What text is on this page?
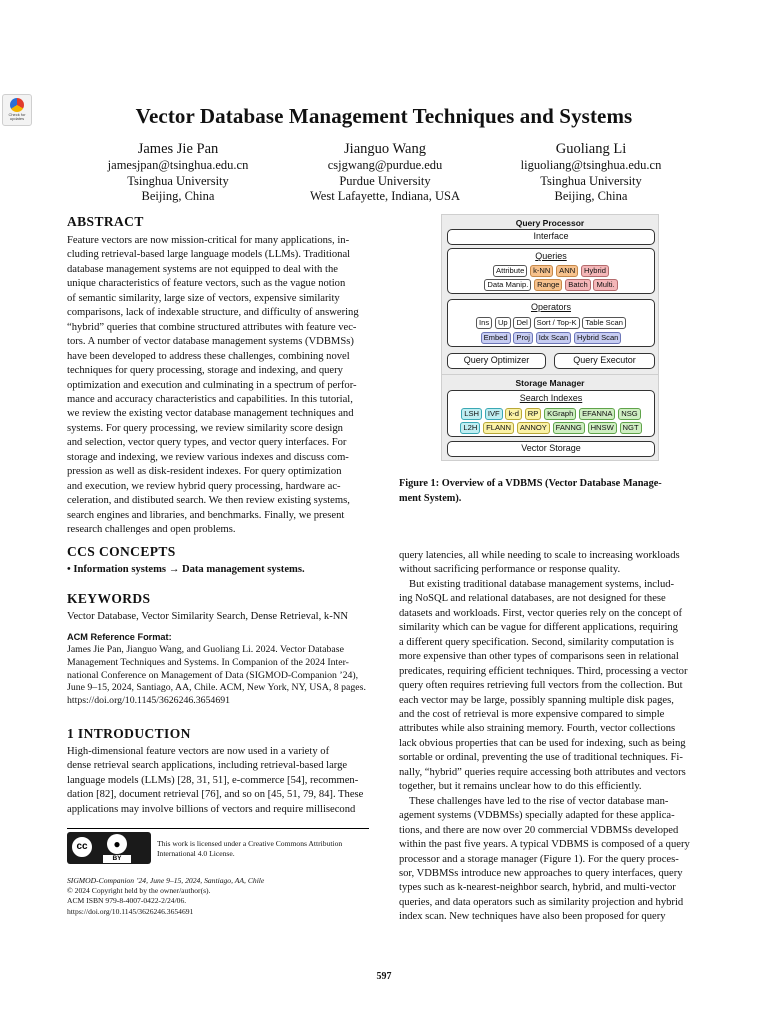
Check for updates	Vector Database Management Techniques and Systems
James Jie Pan
jamesjpan@tsinghua.edu.cn
Tsinghua University
Beijing, China
Jianguo Wang
csjgwang@purdue.edu
Purdue University
West Lafayette, Indiana, USA
Guoliang Li
liguoliang@tsinghua.edu.cn
Tsinghua University
Beijing, China
ABSTRACT
Feature vectors are now mission-critical for many applications, in-
cluding retrieval-based large language models (LLMs). Traditional
database management systems are not equipped to deal with the
unique characteristics of feature vectors, such as the vague notion
of semantic similarity, large size of vectors, expensive similarity
comparisons, lack of indexable structure, and difficulty of answering
“hybrid” queries that combine structured attributes with feature vec-
tors. A number of vector database management systems (VDBMSs)
have been developed to address these challenges, combining novel
techniques for query processing, storage and indexing, and query
optimization and execution and culminating in a spectrum of perfor-
mance and accuracy characteristics and capabilities. In this tutorial,
we review the existing vector database management techniques and
systems. For query processing, we review similarity score design
and selection, vector query types, and vector query interfaces. For
storage and indexing, we review various indexes and discuss com-
pression as well as disk-resident indexes. For query optimization
and execution, we review hybrid query processing, hardware ac-
celeration, and distibuted search. We then review existing systems,
search engines and libraries, and benchmarks. Finally, we present
research challenges and open problems.
CCS CONCEPTS
• Information systems → Data management systems.
KEYWORDS
Vector Database, Vector Similarity Search, Dense Retrieval, k-NN
ACM Reference Format:
James Jie Pan, Jianguo Wang, and Guoliang Li. 2024. Vector Database
Management Techniques and Systems. In Companion of the 2024 Inter-
national Conference on Management of Data (SIGMOD-Companion ’24),
June 9–15, 2024, Santiago, AA, Chile. ACM, New York, NY, USA, 8 pages.
https://doi.org/10.1145/3626246.3654691
1 INTRODUCTION
High-dimensional feature vectors are now used in a variety of
dense retrieval search applications, including retrieval-based large
language models (LLMs) [28, 31, 51], e-commerce [54], recommen-
dation [82], document retrieval [76], and so on [45, 51, 79, 84]. These
applications may involve billions of vectors and require millisecond
cc	●
BY
This work is licensed under a Creative Commons Attribution
International 4.0 License.
SIGMOD-Companion ’24, June 9–15, 2024, Santiago, AA, Chile
© 2024 Copyright held by the owner/author(s).
ACM ISBN 979-8-4007-0422-2/24/06.
https://doi.org/10.1145/3626246.3654691
Query Processor
Interface
Queries
Attribute k-NN ANN Hybrid
Data Manip. Range Batch Multi.
Operators
Ins Up Del Sort / Top-K Table Scan
Embed Proj Idx Scan Hybrid Scan
Query Optimizer	Query Executor
Storage Manager
Search Indexes
LSH IVF k-d RP KGraph EFANNA NSG
L2H FLANN ANNOY FANNG HNSW NGT
Vector Storage
Figure 1: Overview of a VDBMS (Vector Database Manage-
ment System).
query latencies, all while needing to scale to increasing workloads
without sacrificing performance or response quality.
But existing traditional database management systems, includ-
ing NoSQL and relational databases, are not designed for these
datasets and workloads. First, vector queries rely on the concept of
similarity which can be vague for different applications, requiring
a different query specification. Second, similarity computation is
more expensive than other types of comparisons seen in relational
predicates, requiring efficient techniques. Third, processing a vector
query often requires retrieving full vectors from the collection. But
each vector may be large, possibly spanning multiple disk pages,
and the cost of retrieval is more expensive compared to simple
attributes while also straining memory. Fourth, vector collections
lack obvious properties that can be used for indexing, such as being
sortable or ordinal, preventing the use of traditional techniques. Fi-
nally, “hybrid” queries require accessing both attributes and vectors
together, but it remains unclear how to do this efficiently.
These challenges have led to the rise of vector database man-
agement systems (VDBMSs) specially adapted for these applica-
tions, and there are now over 20 commercial VDBMSs developed
within the past five years. A typical VDBMS is composed of a query
processor and a storage manager (Figure 1). For the query proces-
sor, VDBMSs introduce new approaches to query interfaces, query
types such as k-nearest-neighbor search, hybrid, and multi-vector
queries, and data operators such as similarity projection and hybrid
index scan. New techniques have also been proposed for query
597
